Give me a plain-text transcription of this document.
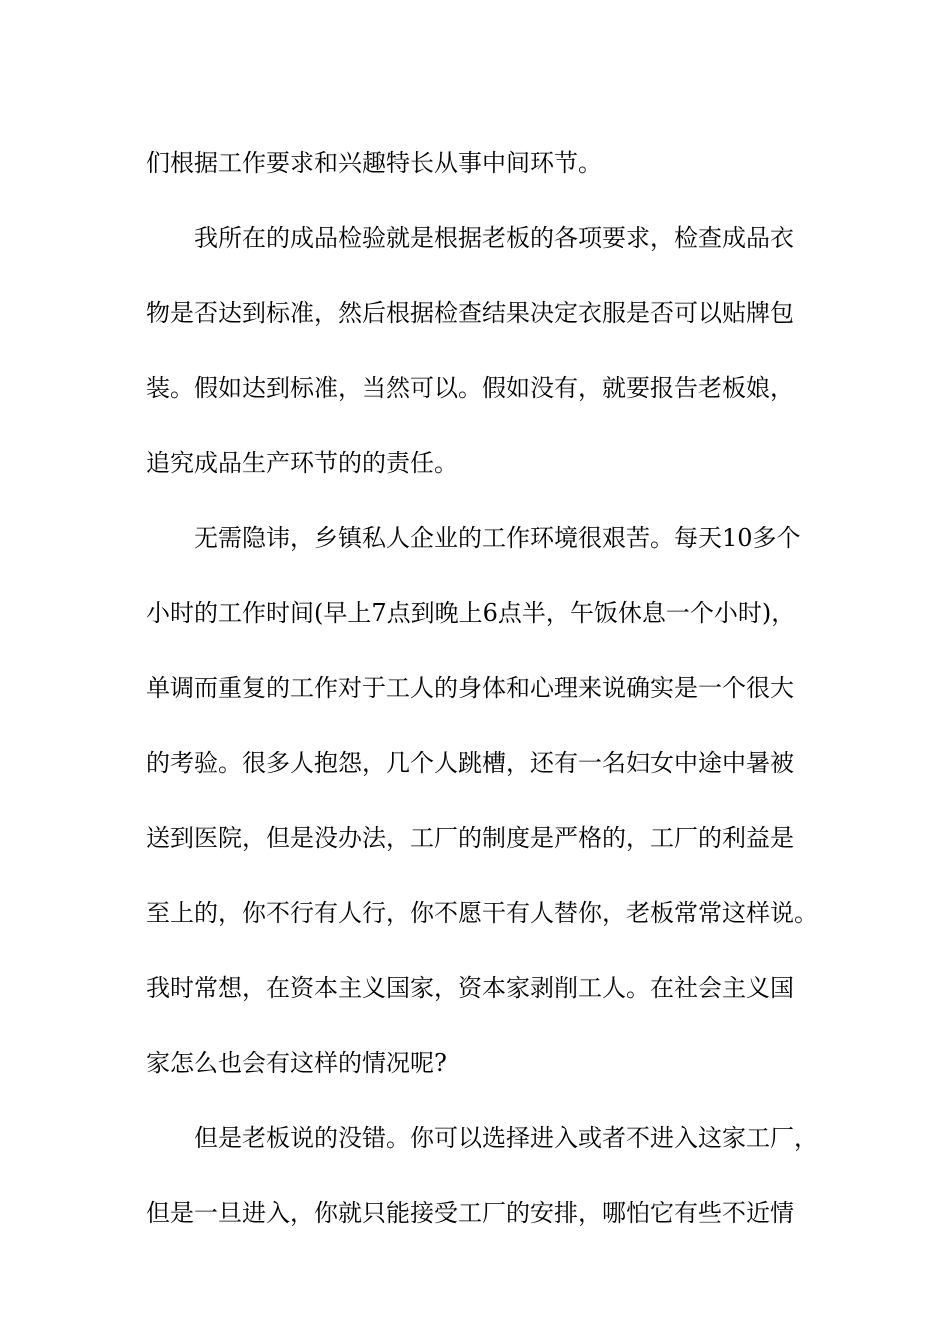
们根据工作要求和兴趣特长从事中间环节。
我所在的成品检验就是根据老板的各项要求，检查成品衣
物是否达到标准，然后根据检查结果决定衣服是否可以贴牌包
装。假如达到标准，当然可以。假如没有，就要报告老板娘，
追究成品生产环节的的责任。
无需隐讳，乡镇私人企业的工作环境很艰苦。每天10多个
小时的工作时间(早上7点到晚上6点半，午饭休息一个小时)，
单调而重复的工作对于工人的身体和心理来说确实是一个很大
的考验。很多人抱怨，几个人跳槽，还有一名妇女中途中暑被
送到医院，但是没办法，工厂的制度是严格的，工厂的利益是
至上的，你不行有人行，你不愿干有人替你，老板常常这样说。
我时常想，在资本主义国家，资本家剥削工人。在社会主义国
家怎么也会有这样的情况呢?
但是老板说的没错。你可以选择进入或者不进入这家工厂，
但是一旦进入，你就只能接受工厂的安排，哪怕它有些不近情
